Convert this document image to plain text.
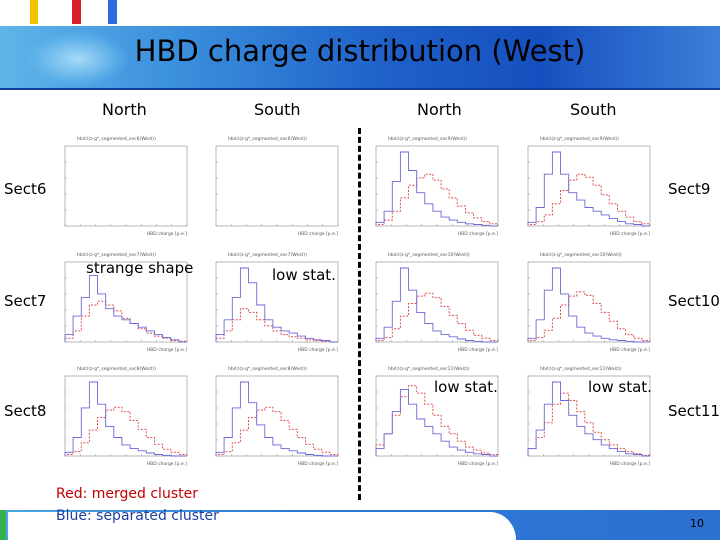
Kyoto Univ. / JSPS / RIKEN
HBD charge distribution (West)
North	South	North	South
Sect6
Sect7
Sect8
Sect9
Sect10
Sect11
hbd:l(z-g*_segmented_sec6(West))
HBD charge [p.e.]
hbd:l(z-g*_segmented_sec6(West))
HBD charge [p.e.]
hbd:l(z-g*_segmented_sec9(West))
HBD charge [p.e.]
hbd:l(z-g*_segmented_sec9(West))
HBD charge [p.e.]
hbd:l(z-g*_segmented_sec7(West))
HBD charge [p.e.]
hbd:l(z-g*_segmented_sec7(West))
HBD charge [p.e.]
hbd:l(z-g*_segmented_sec10(West))
HBD charge [p.e.]
hbd:l(z-g*_segmented_sec10(West))
HBD charge [p.e.]
hbd:l(z-g*_segmented_sec8(West))
HBD charge [p.e.]
hbd:l(z-g*_segmented_sec8(West))
HBD charge [p.e.]
hbd:l(z-g*_segmented_sec11(West))
HBD charge [p.e.]
hbd:l(z-g*_segmented_sec11(West))
HBD charge [p.e.]
strange shape	low stat.
low stat.	low stat.
Red: merged cluster
Blue: separated cluster	10
